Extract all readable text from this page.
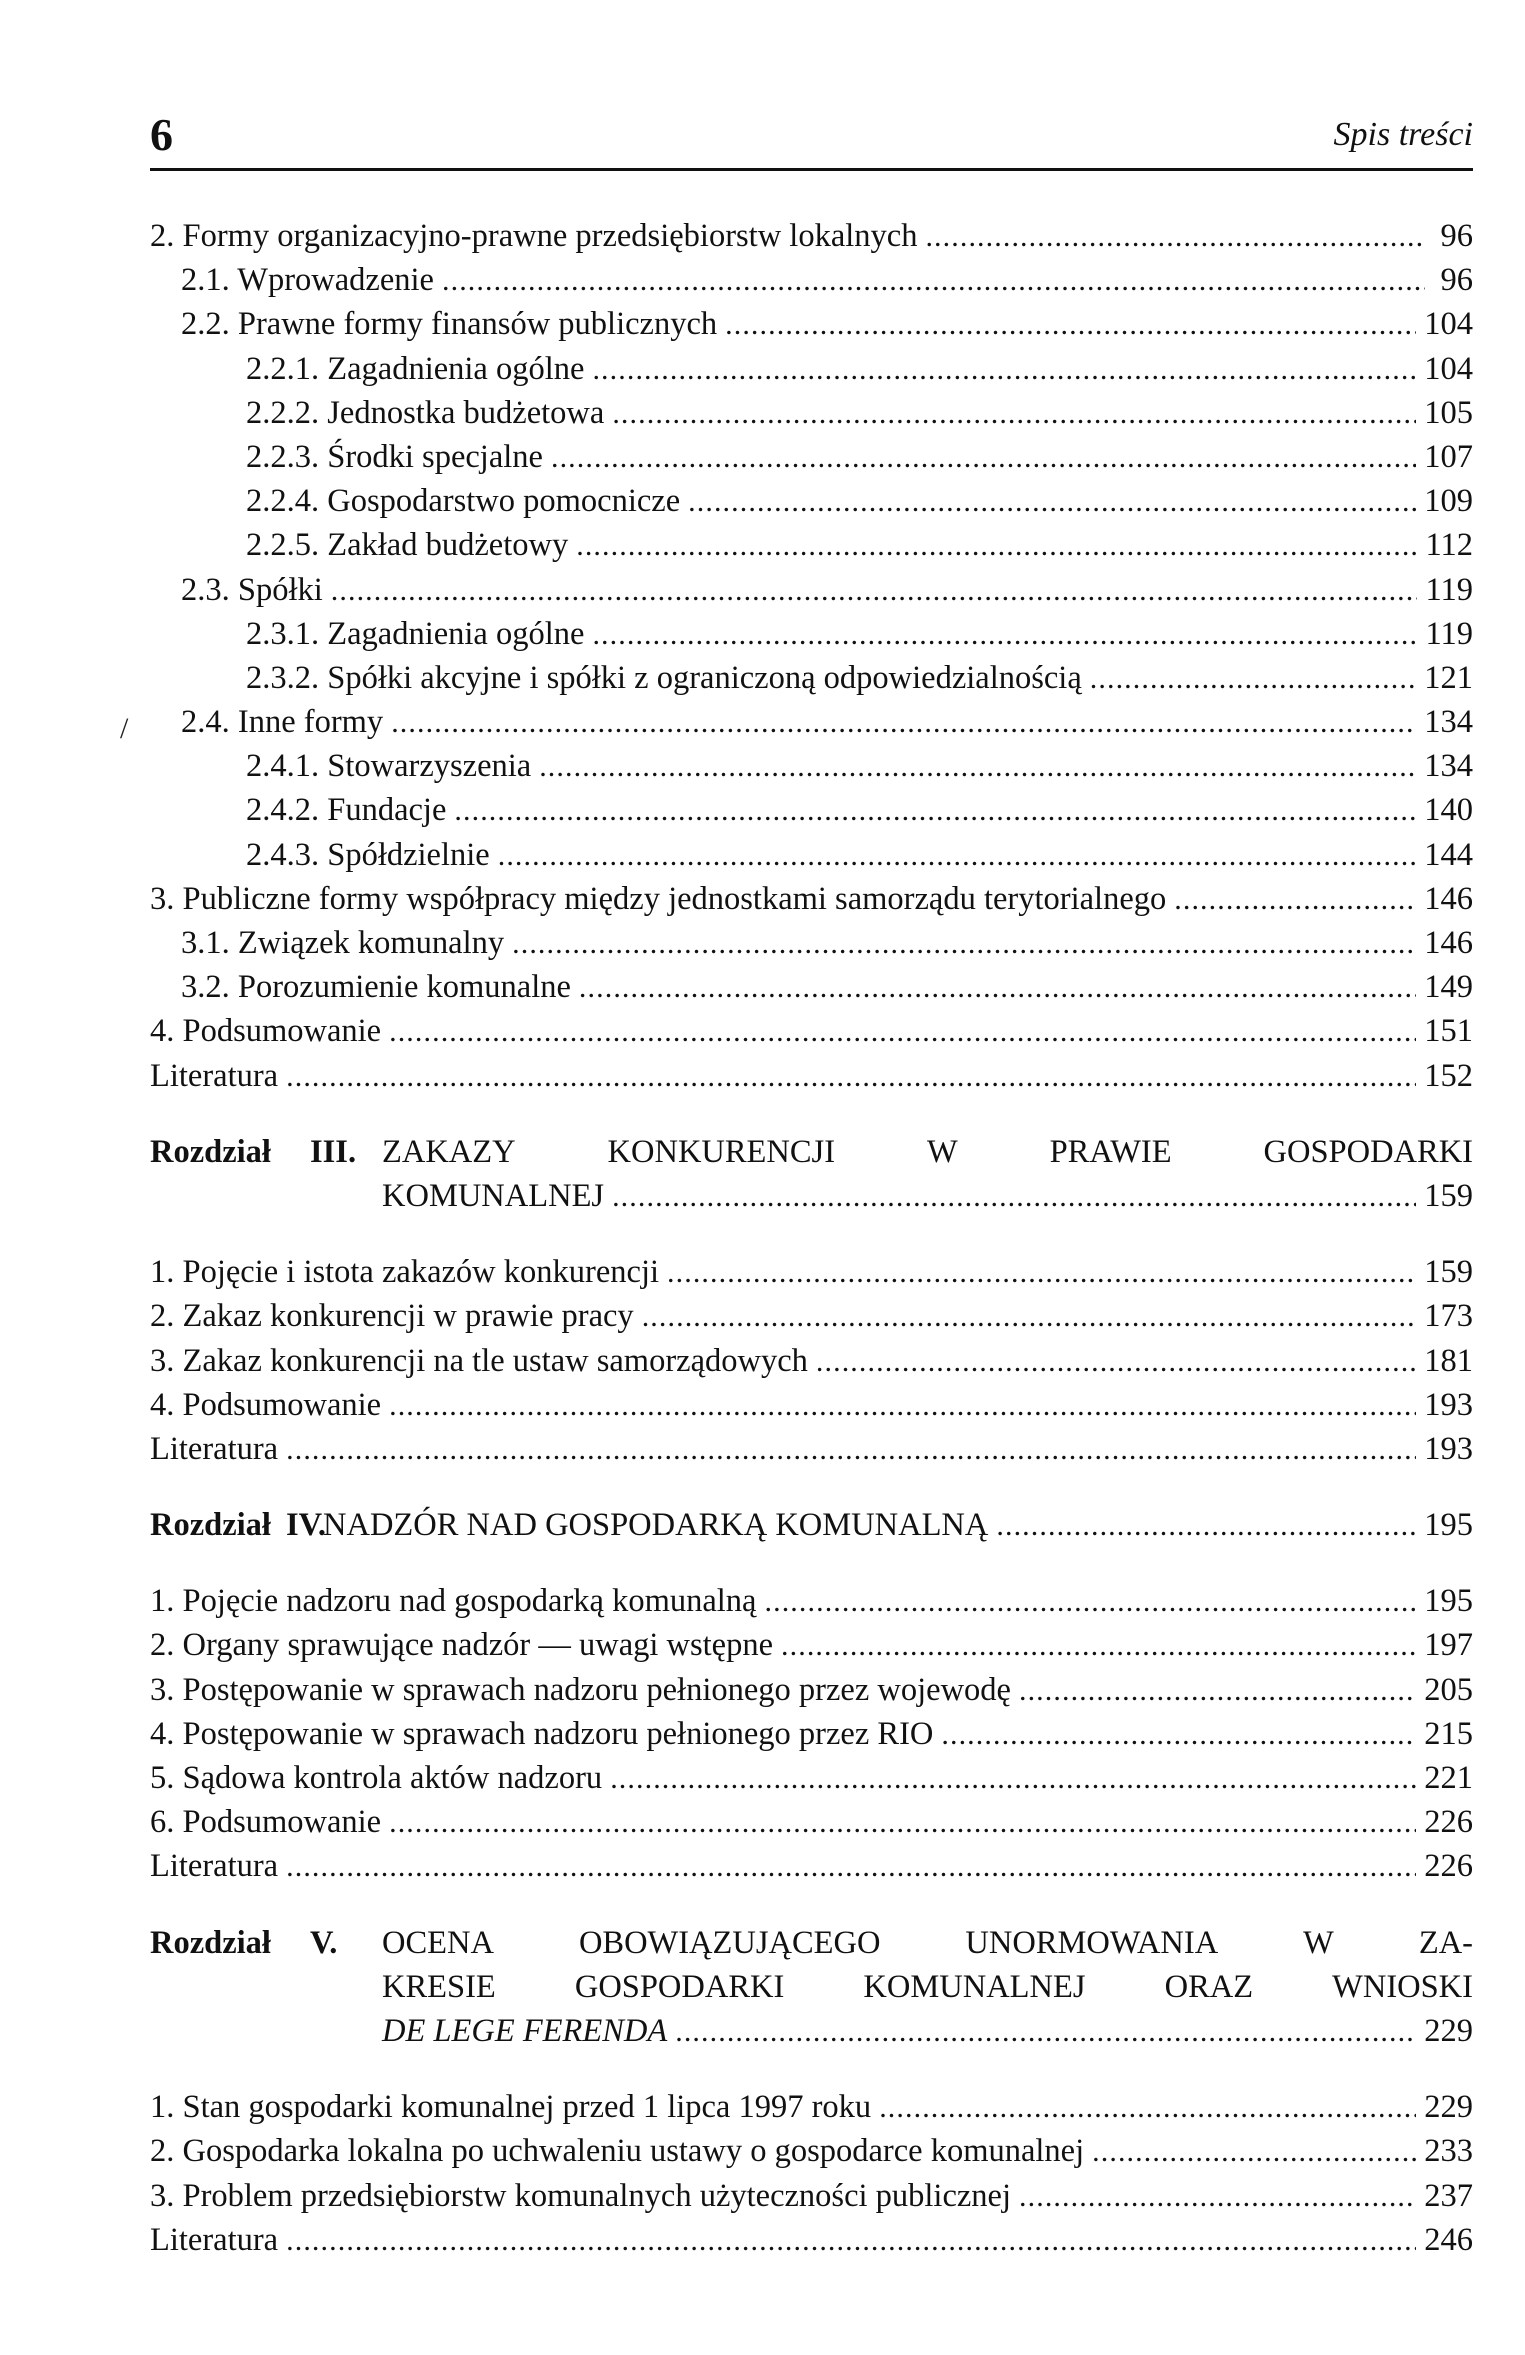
6	Spis treści
2. Formy organizacyjno-prawne przedsiębiorstw lokalnych . . .	96
2.1. Wprowadzenie . . .	96
2.2. Prawne formy finansów publicznych . . .	104
2.2.1. Zagadnienia ogólne . . .	104
2.2.2. Jednostka budżetowa . . .	105
2.2.3. Środki specjalne . . .	107
2.2.4. Gospodarstwo pomocnicze . . .	109
2.2.5. Zakład budżetowy . . .	112
2.3. Spółki . . .	119
2.3.1. Zagadnienia ogólne . . .	119
2.3.2. Spółki akcyjne i spółki z ograniczoną odpowiedzialnością . . .	121
2.4. Inne formy . . .	134
2.4.1. Stowarzyszenia . . .	134
2.4.2. Fundacje . . .	140
2.4.3. Spółdzielnie . . .	144
3. Publiczne formy współpracy między jednostkami samorządu terytorialnego . . .	146
3.1. Związek komunalny . . .	146
3.2. Porozumienie komunalne . . .	149
4. Podsumowanie . . .	151
Literatura . . .	152
Rozdział	III. ZAKAZY	KONKURENCJI	W	PRAWIE	GOSPODARKI
KOMUNALNEJ . . .	159
1. Pojęcie i istota zakazów konkurencji . . .	159
2. Zakaz konkurencji w prawie pracy . . .	173
3. Zakaz konkurencji na tle ustaw samorządowych . . .	181
4. Podsumowanie . . .	193
Literatura . . .	193
Rozdział IV.
NADZÓR NAD GOSPODARKĄ KOMUNALNĄ . . .	195
1. Pojęcie nadzoru nad gospodarką komunalną . . .	195
2. Organy sprawujące nadzór — uwagi wstępne . . .	197
3. Postępowanie w sprawach nadzoru pełnionego przez wojewodę . . .	205
4. Postępowanie w sprawach nadzoru pełnionego przez RIO . . .	215
5. Sądowa kontrola aktów nadzoru . . .	221
6. Podsumowanie . . .	226
Literatura . . .	226
Rozdział	V.	OCENA	OBOWIĄZUJĄCEGO	UNORMOWANIA	W	ZA-
KRESIE GOSPODARKI KOMUNALNEJ ORAZ WNIOSKI
DE LEGE FERENDA . . .	229
1. Stan gospodarki komunalnej przed 1 lipca 1997 roku . . .	229
2. Gospodarka lokalna po uchwaleniu ustawy o gospodarce komunalnej . . .	233
3. Problem przedsiębiorstw komunalnych użyteczności publicznej . . .	237
Literatura . . .	246
/
